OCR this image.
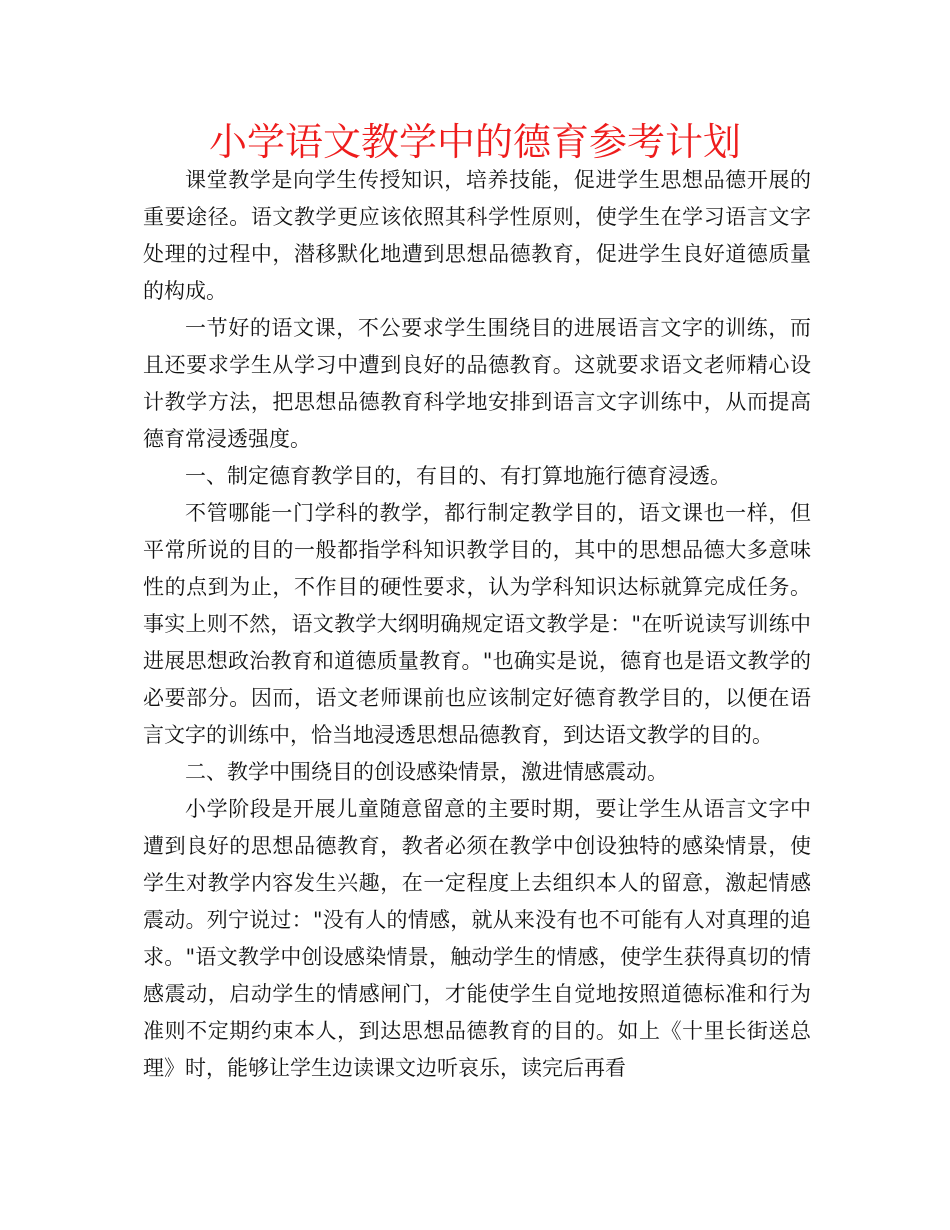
小学语文教学中的德育参考计划

课堂教学是向学生传授知识，培养技能，促进学生思想品德开展的重要途径。语文教学更应该依照其科学性原则，使学生在学习语言文字处理的过程中，潜移默化地遭到思想品德教育，促进学生良好道德质量的构成。

一节好的语文课，不公要求学生围绕目的进展语言文字的训练，而且还要求学生从学习中遭到良好的品德教育。这就要求语文老师精心设计教学方法，把思想品德教育科学地安排到语言文字训练中，从而提高德育常浸透强度。

一、制定德育教学目的，有目的、有打算地施行德育浸透。

不管哪能一门学科的教学，都行制定教学目的，语文课也一样，但平常所说的目的一般都指学科知识教学目的，其中的思想品德大多意味性的点到为止，不作目的硬性要求，认为学科知识达标就算完成任务。事实上则不然，语文教学大纲明确规定语文教学是："在听说读写训练中进展思想政治教育和道德质量教育。"也确实是说，德育也是语文教学的必要部分。因而，语文老师课前也应该制定好德育教学目的，以便在语言文字的训练中，恰当地浸透思想品德教育，到达语文教学的目的。

二、教学中围绕目的创设感染情景，激进情感震动。

小学阶段是开展儿童随意留意的主要时期，要让学生从语言文字中遭到良好的思想品德教育，教者必须在教学中创设独特的感染情景，使学生对教学内容发生兴趣，在一定程度上去组织本人的留意，激起情感震动。列宁说过："没有人的情感，就从来没有也不可能有人对真理的追求。"语文教学中创设感染情景，触动学生的情感，使学生获得真切的情感震动，启动学生的情感闸门，才能使学生自觉地按照道德标准和行为准则不定期约束本人，到达思想品德教育的目的。如上《十里长街送总理》时，能够让学生边读课文边听哀乐，读完后再看
